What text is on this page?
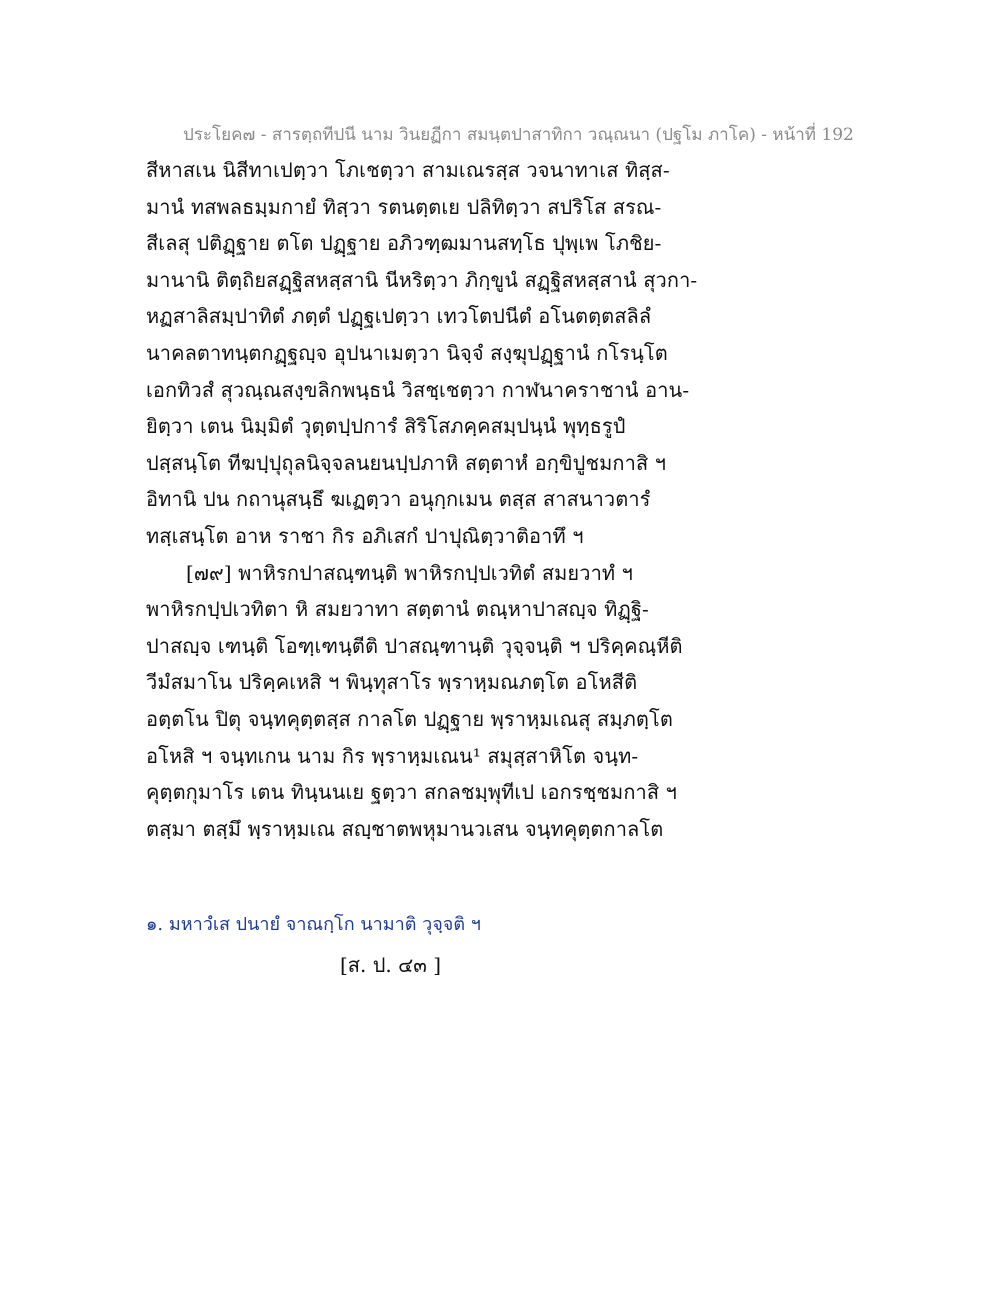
ประโยค๗ - สารตฺถทีปนี นาม วินยฏีกา สมนฺตปาสาทิกา วณฺณนา (ปฐโม ภาโค) - หน้าที่ 192
สีหาสเน นิสีทาเปตฺวา โภเชตฺวา สามเณรสฺส วจนาทาเส ทิสฺส-
มานํ ทสพลธมฺมกายํ ทิสฺวา รตนตฺตเย ปลิทิตฺวา สปริโส สรณ-
สีเลสุ ปติฏฺฐาย ตโต ปฏฺฐาย อภิวฑฺฒมานสทฺโธ ปุพฺเพ โภชิย-
มานานิ ติตฺถิยสฏฺฐิสหสฺสานิ นีหริตฺวา ภิกฺขูนํ สฏฺฐิสหสฺสานํ สุวกา-
หฏสาลิสมฺปาทิตํ ภตฺตํ ปฏฺฐเปตฺวา เทวโตปนีตํ อโนตตฺตสลิลํ
นาคลตาทนฺตกฏฺฐญฺจ อุปนาเมตฺวา นิจฺจํ สงฺฆุปฏฺฐานํ กโรนฺโต
เอกทิวสํ สุวณฺณสงฺขลิกพนฺธนํ วิสชฺเชตฺวา กาฬนาคราชานํ อาน-
ยิตฺวา เตน นิมฺมิตํ วุตฺตปฺปการํ สิริโสภคฺคสมฺปนฺนํ พุทฺธรูปํ
ปสฺสนฺโต ทีฆปฺปุถุลนิจฺจลนยนปฺปภาหิ สตฺตาหํ อกฺขิปูชมกาสิ ฯ
อิทานิ ปน กถานุสนฺธึ ฆเฏตฺวา อนุกฺกเมน ตสฺส สาสนาวตารํ
ทสฺเสนฺโต อาห ราชา กิร อภิเสกํ ปาปุณิตฺวาติอาทึ ฯ
[๗๙] พาหิรกปาสณฺฑนฺติ พาหิรกปฺปเวทิตํ สมยวาทํ ฯ
พาหิรกปฺปเวทิตา หิ สมยวาทา สตฺตานํ ตณฺหาปาสญฺจ ทิฏฺฐิ-
ปาสญฺจ เฑนฺติ โอฑฺเฑนฺตีติ ปาสณฺฑานฺติ วุจฺจนฺติ ฯ ปริคฺคณฺหีติ
วีมํสมาโน ปริคฺคเหสิ ฯ พินฺทุสาโร พฺราหฺมณภตฺโต อโหสีติ
อตฺตโน ปิตุ จนฺทคุตฺตสฺส กาลโต ปฏฺฐาย พฺราหฺมเณสุ สมฺภตฺโต
อโหสิ ฯ จนฺทเกน นาม กิร พฺราหฺมเณน¹ สมุสฺสาหิโต จนฺท-
คุตฺตกุมาโร เตน ทินฺนนเย ฐตฺวา สกลชมฺพุทีเป เอกรชฺชมกาสิ ฯ
ตสฺมา ตสฺมึ พฺราหฺมเณ สญฺชาตพหุมานวเสน จนฺทคุตฺตกาลโต
๑. มหาวํเส ปนายํ จาณกฺโก นามาติ วุจฺจติ ฯ
[ส. ป. ๔๓ ]
